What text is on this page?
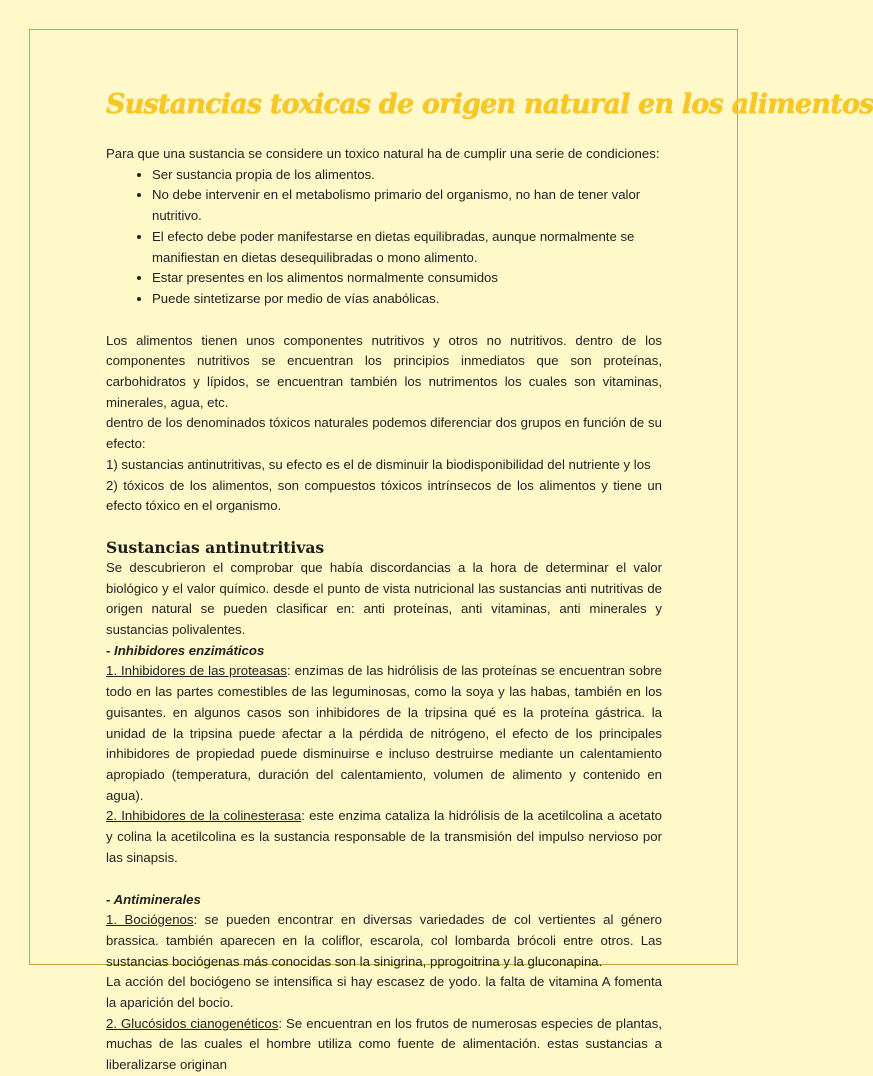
Sustancias toxicas de origen natural en los alimentos

Para que una sustancia se considere un toxico natural ha de cumplir una serie de condiciones:

• Ser sustancia propia de los alimentos.
• No debe intervenir en el metabolismo primario del organismo, no han de tener valor nutritivo.
• El efecto debe poder manifestarse en dietas equilibradas, aunque normalmente se manifiestan en dietas desequilibradas o mono alimento.
• Estar presentes en los alimentos normalmente consumidos
• Puede sintetizarse por medio de vías anabólicas.

Los alimentos tienen unos componentes nutritivos y otros no nutritivos. dentro de los componentes nutritivos se encuentran los principios inmediatos que son proteínas, carbohidratos y lípidos, se encuentran también los nutrimentos los cuales son vitaminas, minerales, agua, etc.

dentro de los denominados tóxicos naturales podemos diferenciar dos grupos en función de su efecto:

1) sustancias antinutritivas, su efecto es el de disminuir la biodisponibilidad del nutriente y los

2) tóxicos de los alimentos, son compuestos tóxicos intrínsecos de los alimentos y tiene un efecto tóxico en el organismo.

Sustancias antinutritivas

Se descubrieron el comprobar que había discordancias a la hora de determinar el valor biológico y el valor químico. desde el punto de vista nutricional las sustancias anti nutritivas de origen natural se pueden clasificar en: anti proteínas, anti vitaminas, anti minerales y sustancias polivalentes.

- Inhibidores enzimáticos

1. Inhibidores de las proteasas: enzimas de las hidrólisis de las proteínas se encuentran sobre todo en las partes comestibles de las leguminosas, como la soya y las habas, también en los guisantes. en algunos casos son inhibidores de la tripsina qué es la proteína gástrica. la unidad de la tripsina puede afectar a la pérdida de nitrógeno, el efecto de los principales inhibidores de propiedad puede disminuirse e incluso destruirse mediante un calentamiento apropiado (temperatura, duración del calentamiento, volumen de alimento y contenido en agua).

2. Inhibidores de la colinesterasa: este enzima cataliza la hidrólisis de la acetilcolina a acetato y colina la acetilcolina es la sustancia responsable de la transmisión del impulso nervioso por las sinapsis.

- Antiminerales

1. Bociógenos: se pueden encontrar en diversas variedades de col vertientes al género brassica. también aparecen en la coliflor, escarola, col lombarda brócoli entre otros. Las sustancias bociógenas más conocidas son la sinigrina, pprogoitrina y la gluconapina.

La acción del bociógeno se intensifica si hay escasez de yodo. la falta de vitamina A fomenta la aparición del bocio.

2. Glucósidos cianogenéticos: Se encuentran en los frutos de numerosas especies de plantas, muchas de las cuales el hombre utiliza como fuente de alimentación. estas sustancias a liberalizarse originan
